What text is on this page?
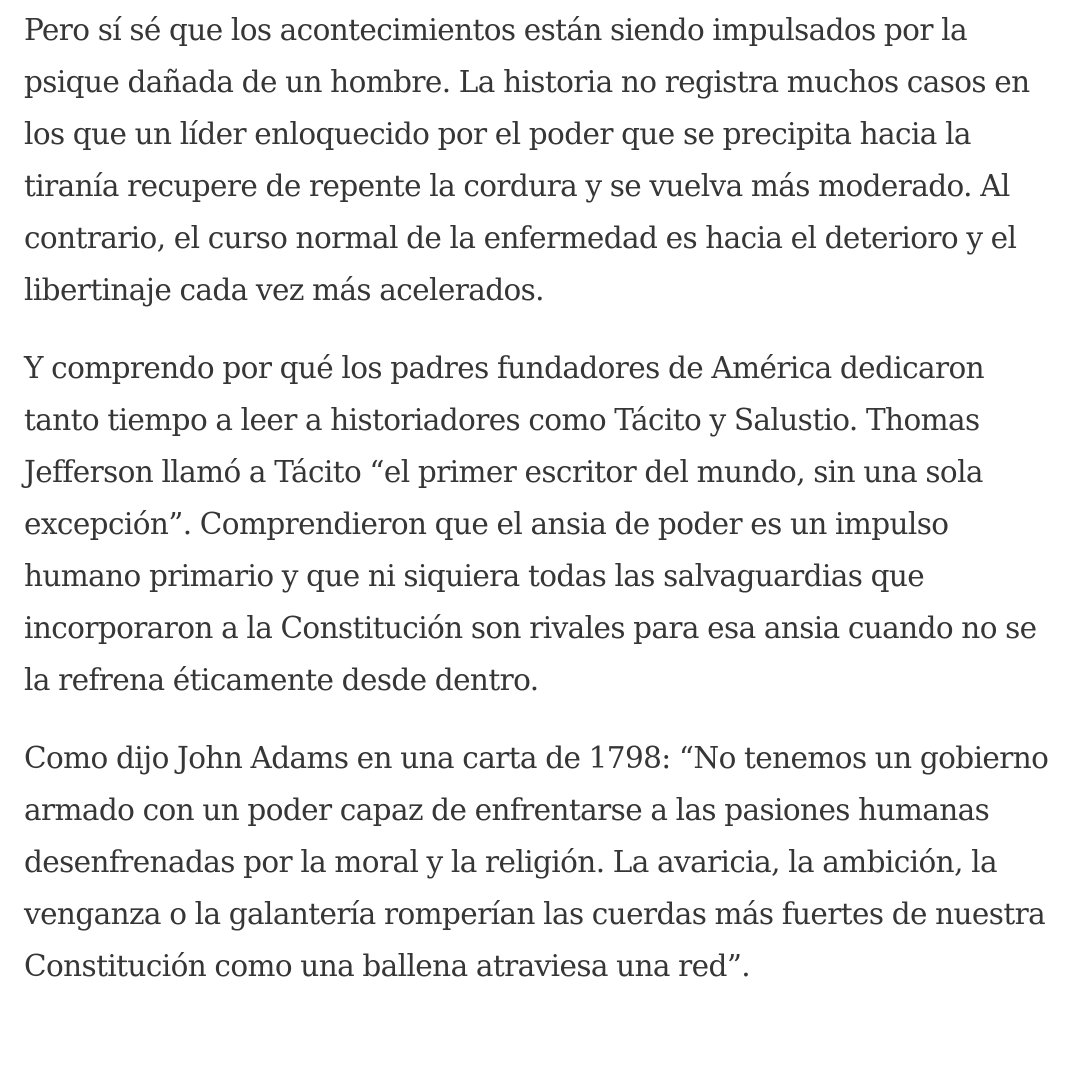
Pero sí sé que los acontecimientos están siendo impulsados por la psique dañada de un hombre. La historia no registra muchos casos en los que un líder enloquecido por el poder que se precipita hacia la tiranía recupere de repente la cordura y se vuelva más moderado. Al contrario, el curso normal de la enfermedad es hacia el deterioro y el libertinaje cada vez más acelerados.

Y comprendo por qué los padres fundadores de América dedicaron tanto tiempo a leer a historiadores como Tácito y Salustio. Thomas Jefferson llamó a Tácito “el primer escritor del mundo, sin una sola excepción”. Comprendieron que el ansia de poder es un impulso humano primario y que ni siquiera todas las salvaguardias que incorporaron a la Constitución son rivales para esa ansia cuando no se la refrena éticamente desde dentro.

Como dijo John Adams en una carta de 1798: “No tenemos un gobierno armado con un poder capaz de enfrentarse a las pasiones humanas desenfrenadas por la moral y la religión. La avaricia, la ambición, la venganza o la galantería romperían las cuerdas más fuertes de nuestra Constitución como una ballena atraviesa una red”.
